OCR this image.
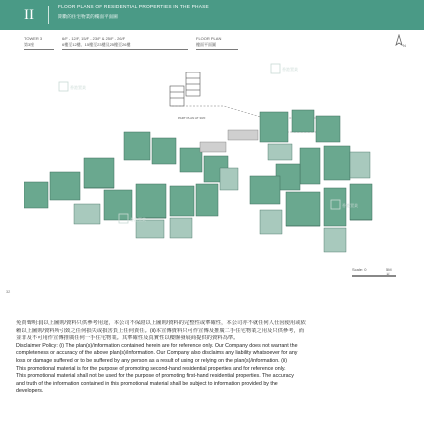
II	FLOOR PLANS OF RESIDENTIAL PROPERTIES IN THE PHASE
期數的住宅物業的樓面平面圖
TOWER 3
第3座
6/F - 12/F, 15/F - 23/F & 25/F - 26/F
6樓至12樓、15樓至23樓及25樓至26樓
FLOOR PLAN
樓面平面圖	N
PART PLAN AT 30/F
Scale: 0	5M米
32
香港置業
香港置業
香港置業
香港置業
免責聲明:(i)以上圖則/資料只供參考用途，本公司不保證以上圖則/資料的完整性或準確性，本公司亦不就任何人仕因使用或依
賴以上圖則/資料所引致之任何損失或損害負上任何責任。(ii)本宣傳資料只可作宣傳及推廣二手住宅物業之用及只供參考，而
並非及不可用作宣傳推廣任何一手住宅物業。其準確性及真實性以樓盤發展商提供的資料為準。
Disclaimer Policy: (i) The plan(s)/information contained herein are for reference only. Our Company does not warrant the
completeness or accuracy of the above plan(s)/information. Our Company also disclaims any liability whatsoever for any
loss or damage suffered or to be suffered by any person as a result of using or relying on the plan(s)/information. (ii)
This promotional material is for the purpose of promoting second-hand residential properties and for reference only.
This promotional material shall not be used for the purpose of promoting first-hand residential properties. The accuracy
and truth of the information contained in this promotional material shall be subject to information provided by the
developers.
